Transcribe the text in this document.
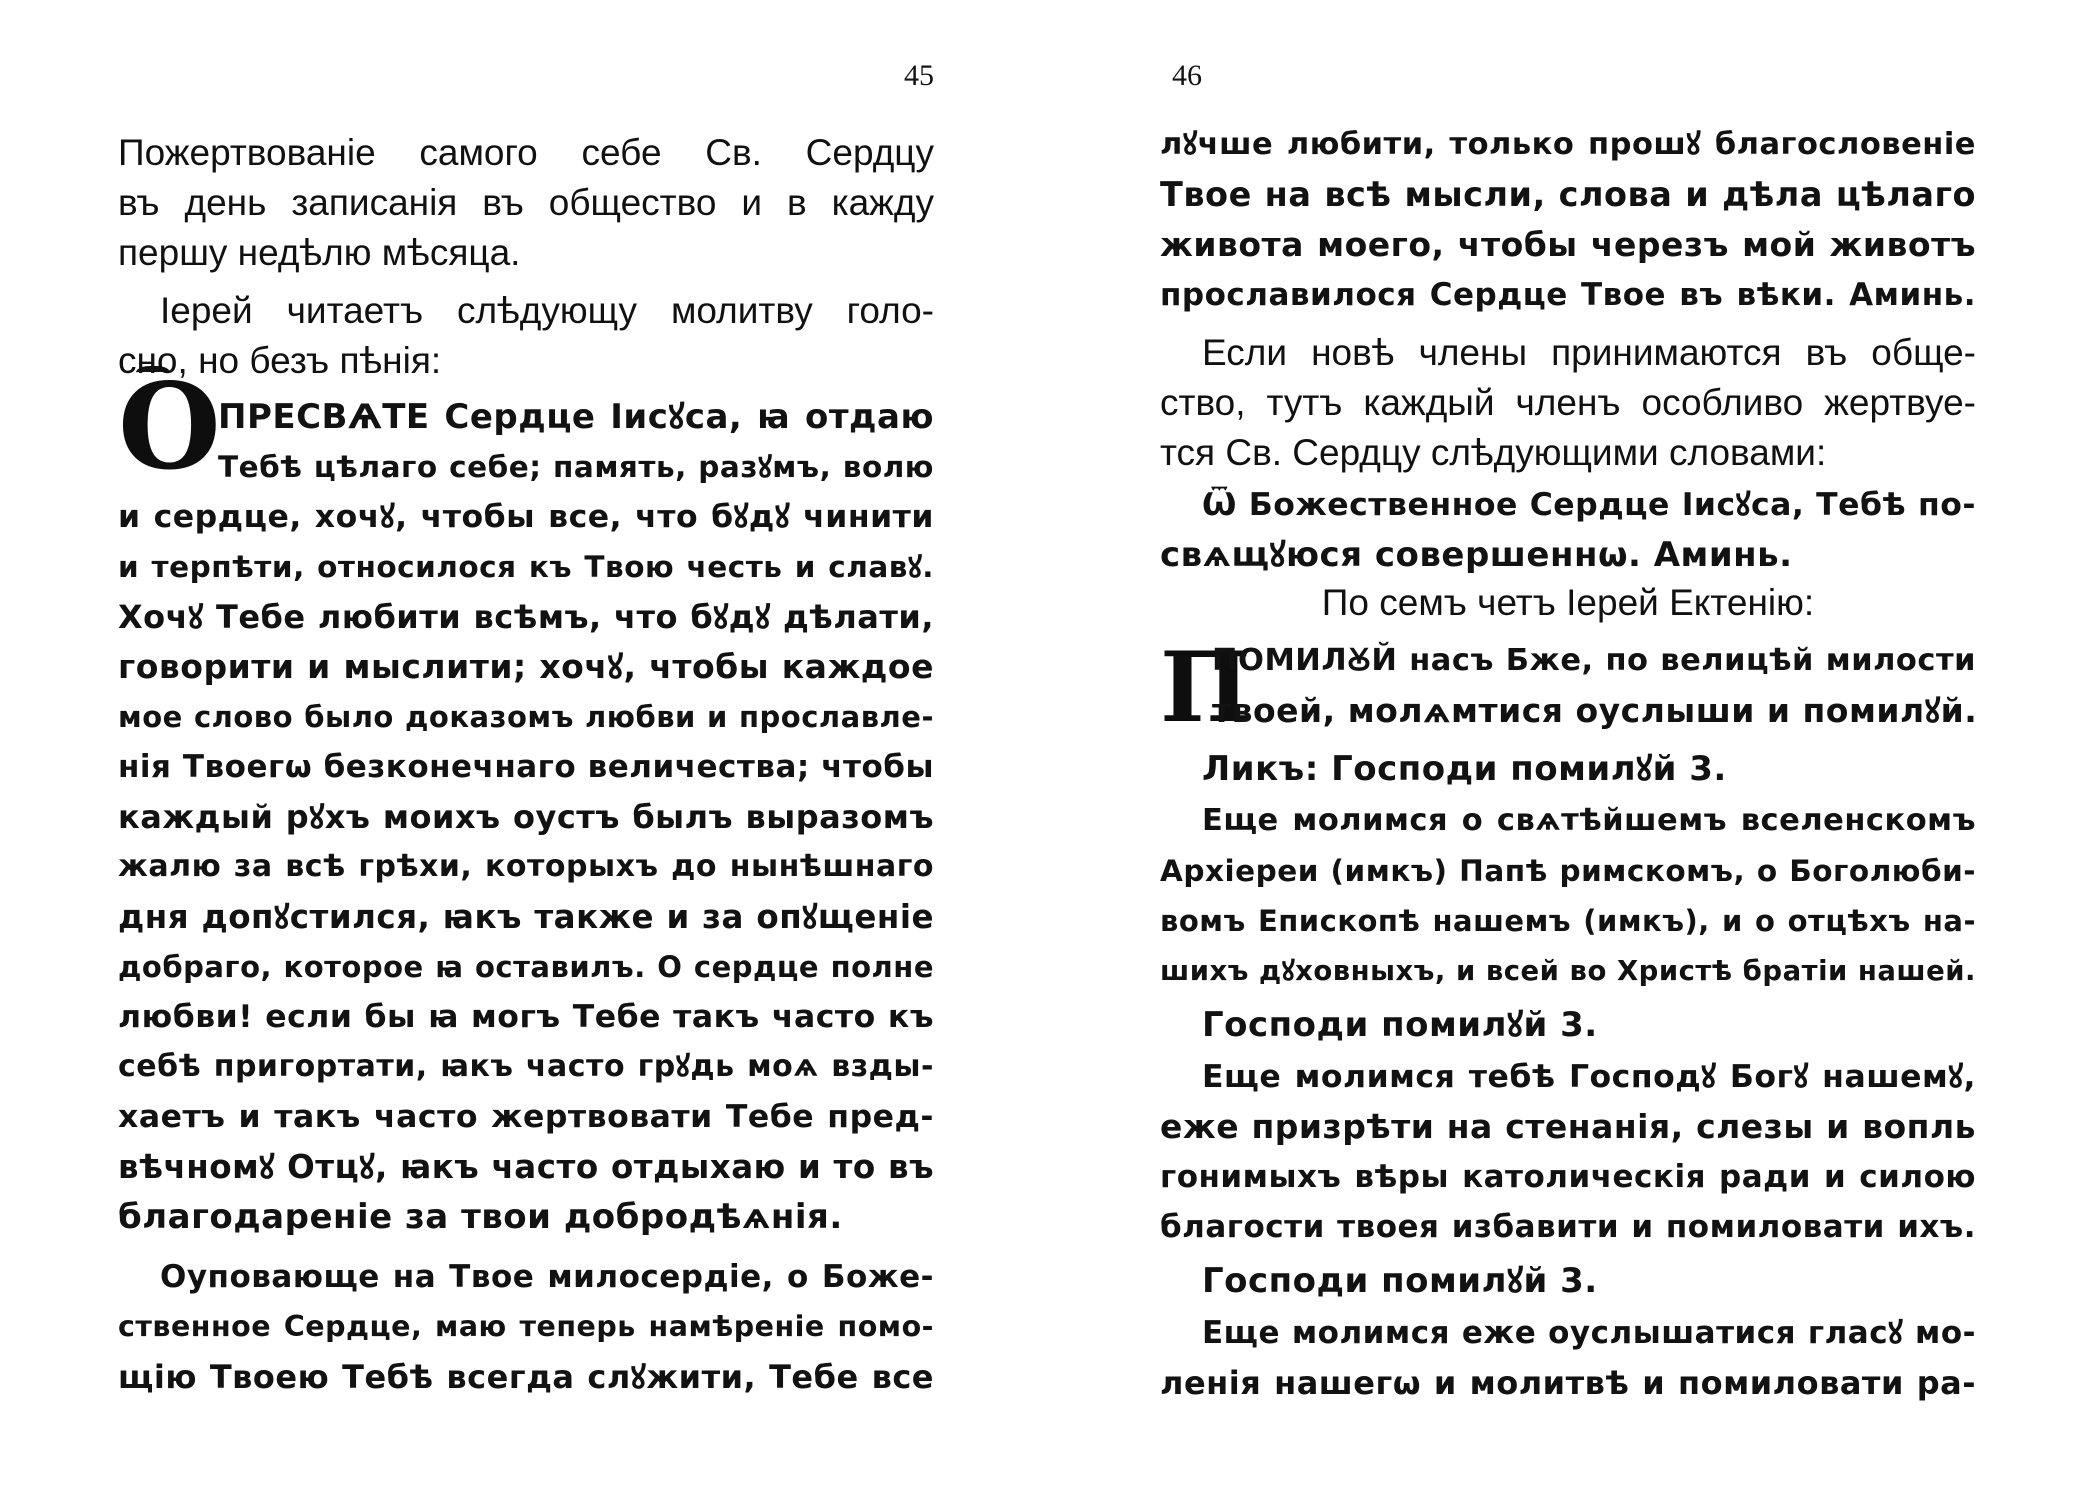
45
Пожертвованіе самого себе Св. Сердцу
въ день записанія въ общество и в кажду
першу недѣлю мѣсяца.
Іерей читаетъ слѣдующу молитву голо-
сно, но безъ пѣнія:
О
ПРЕСВѦТЕ Сердце Іисꙋса, ꙗ отдаю
Тебѣ цѣлаго себе; память, разꙋмъ, волю
и сердце, хочꙋ, чтобы все, что бꙋдꙋ чинити
и терпѣти, относилося къ Твою честь и славꙋ.
Хочꙋ Тебе любити всѣмъ, что бꙋдꙋ дѣлати,
говорити и мыслити; хочꙋ, чтобы каждое
мое слово было доказомъ любви и прославле-
нія Твоегѡ безконечнаго величества; чтобы
каждый рꙋхъ моихъ оустъ былъ выразомъ
жалю за всѣ грѣхи, которыхъ до нынѣшнаго
дня допꙋстился, ꙗкъ также и за опꙋщеніе
добраго, которое ꙗ оставилъ. О сердце полне
любви! если бы ꙗ могъ Тебе такъ часто къ
себѣ пригортати, ꙗкъ часто грꙋдь моѧ взды-
хаетъ и такъ часто жертвовати Тебе пред-
вѣчномꙋ Отцꙋ, ꙗкъ часто отдыхаю и то въ
благодареніе за твои добродѣѧнія.
Оуповающе на Твое милосердіе, о Боже-
ственное Сердце, маю теперь намѣреніе помо-
щію Твоею Тебѣ всегда слꙋжити, Тебе все
46
лꙋчше любити, только прошꙋ благословеніе
Твое на всѣ мысли, слова и дѣла цѣлаго
живота моего, чтобы черезъ мой животъ
прославилося Сердце Твое въ вѣки. Аминь.
Если новѣ члены принимаются въ обще-
ство, тутъ каждый членъ особливо жертвуе-
тся Св. Сердцу слѣдующими словами:
Ѿ Божественное Сердце Іисꙋса, Тебѣ по-
свѧщꙋюся совершеннѡ. Аминь.
По семъ четъ Іерей Ектенію:
П
ПОМИЛꙊЙ насъ Бже, по велицѣй милости
твоей, молѧмтися оуслыши и помилꙋй.
Ликъ: Господи помилꙋй 3.
Еще молимся о свѧтѣйшемъ вселенскомъ
Архіереи (имкъ) Папѣ римскомъ, о Боголюби-
вомъ Епископѣ нашемъ (имкъ), и о отцѣхъ на-
шихъ дꙋховныхъ, и всей во Христѣ братіи нашей.
Господи помилꙋй 3.
Еще молимся тебѣ Господꙋ Богꙋ нашемꙋ,
еже призрѣти на стенанія, слезы и вопль
гонимыхъ вѣры католическія ради и силою
благости твоея избавити и помиловати ихъ.
Господи помилꙋй 3.
Еще молимся еже оуслышатися гласꙋ мо-
ленія нашегѡ и молитвѣ и помиловати ра-
